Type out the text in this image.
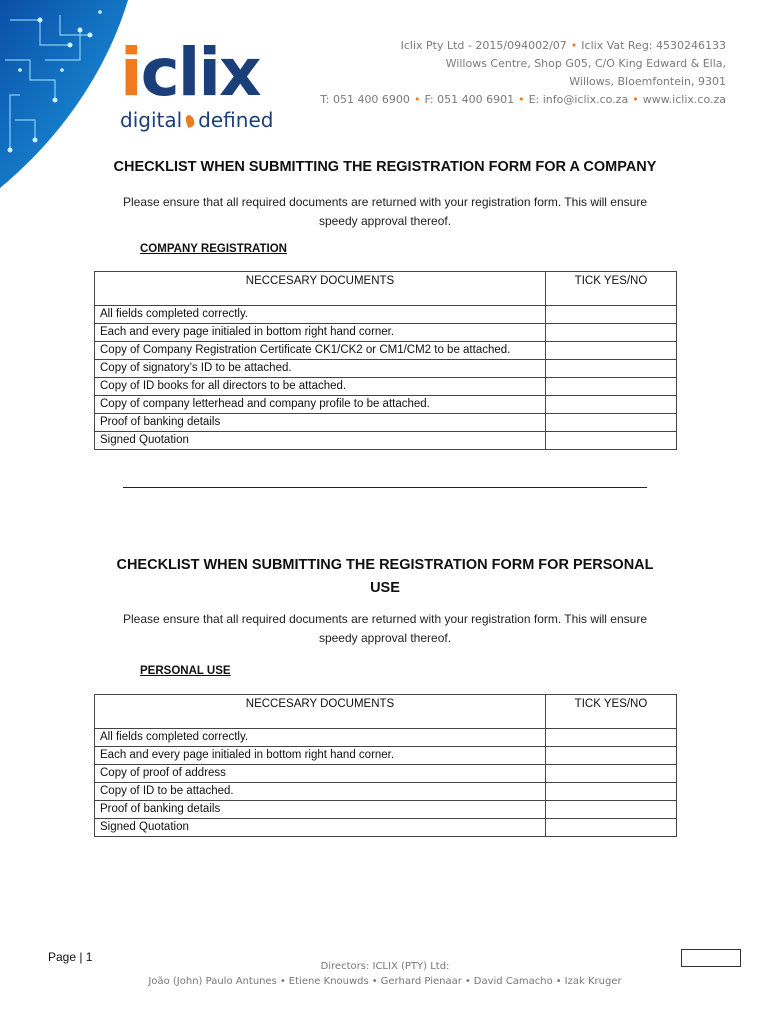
iclix
digital defined
Iclix Pty Ltd - 2015/094002/07 • Iclix Vat Reg: 4530246133
Willows Centre, Shop G05, C/O King Edward & Ella,
Willows, Bloemfontein, 9301
T: 051 400 6900 • F: 051 400 6901 • E: info@iclix.co.za • www.iclix.co.za
CHECKLIST WHEN SUBMITTING THE REGISTRATION FORM FOR A COMPANY
Please ensure that all required documents are returned with your registration form. This will ensure
speedy approval thereof.
COMPANY REGISTRATION
NECCESARY DOCUMENTS	TICK YES/NO
All fields completed correctly.	
Each and every page initialed in bottom right hand corner.	
Copy of Company Registration Certificate CK1/CK2 or CM1/CM2 to be attached.	
Copy of signatory’s ID to be attached.	
Copy of ID books for all directors to be attached.	
Copy of company letterhead and company profile to be attached.	
Proof of banking details	
Signed Quotation	
CHECKLIST WHEN SUBMITTING THE REGISTRATION FORM FOR PERSONAL
USE
Please ensure that all required documents are returned with your registration form. This will ensure
speedy approval thereof.
PERSONAL USE
NECCESARY DOCUMENTS	TICK YES/NO
All fields completed correctly.	
Each and every page initialed in bottom right hand corner.	
Copy of proof of address	
Copy of ID to be attached.	
Proof of banking details	
Signed Quotation	
Page | 1
Directors: ICLIX (PTY) Ltd:
João (John) Paulo Antunes • Etiene Knouwds • Gerhard Pienaar • David Camacho • Izak Kruger
